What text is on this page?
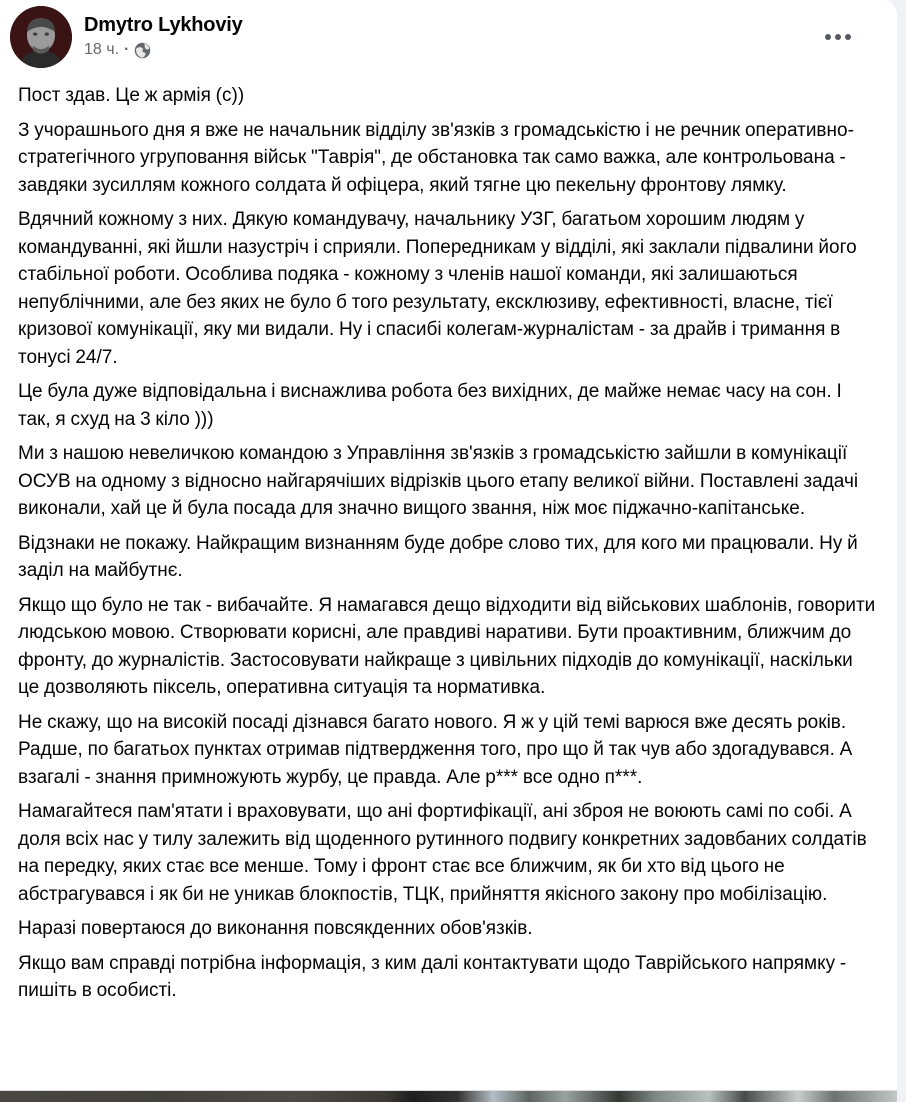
Dmytro Lykhoviy
18 ч. ·

Пост здав. Це ж армія (с))

З учорашнього дня я вже не начальник відділу зв'язків з громадськістю і не речник оперативно-стратегічного угруповання військ "Таврія", де обстановка так само важка, але контрольована - завдяки зусиллям кожного солдата й офіцера, який тягне цю пекельну фронтову лямку.

Вдячний кожному з них. Дякую командувачу, начальнику УЗГ, багатьом хорошим людям у командуванні, які йшли назустріч і сприяли. Попередникам у відділі, які заклали підвалини його стабільної роботи. Особлива подяка - кожному з членів нашої команди, які залишаються непублічними, але без яких не було б того результату, ексклюзиву, ефективності, власне, тієї кризової комунікації, яку ми видали. Ну і спасибі колегам-журналістам - за драйв і тримання в тонусі 24/7.

Це була дуже відповідальна і виснажлива робота без вихідних, де майже немає часу на сон. І так, я схуд на 3 кіло )))

Ми з нашою невеличкою командою з Управління зв'язків з громадськістю зайшли в комунікації ОСУВ на одному з відносно найгарячіших відрізків цього етапу великої війни. Поставлені задачі виконали, хай це й була посада для значно вищого звання, ніж моє піджачно-капітанське.

Відзнаки не покажу. Найкращим визнанням буде добре слово тих, для кого ми працювали. Ну й заділ на майбутнє.

Якщо що було не так - вибачайте. Я намагався дещо відходити від військових шаблонів, говорити людською мовою. Створювати корисні, але правдиві наративи. Бути проактивним, ближчим до фронту, до журналістів. Застосовувати найкраще з цивільних підходів до комунікації, наскільки це дозволяють піксель, оперативна ситуація та нормативка.

Не скажу, що на високій посаді дізнався багато нового. Я ж у цій темі варюся вже десять років. Радше, по багатьох пунктах отримав підтвердження того, про що й так чув або здогадувався. А взагалі - знання примножують журбу, це правда. Але р*** все одно п***.

Намагайтеся пам'ятати і враховувати, що ані фортифікації, ані зброя не воюють самі по собі. А доля всіх нас у тилу залежить від щоденного рутинного подвигу конкретних задовбаних солдатів на передку, яких стає все менше. Тому і фронт стає все ближчим, як би хто від цього не абстрагувався і як би не уникав блокпостів, ТЦК, прийняття якісного закону про мобілізацію.

Наразі повертаюся до виконання повсякденних обов'язків.

Якщо вам справді потрібна інформація, з ким далі контактувати щодо Таврійського напрямку - пишіть в особисті.
